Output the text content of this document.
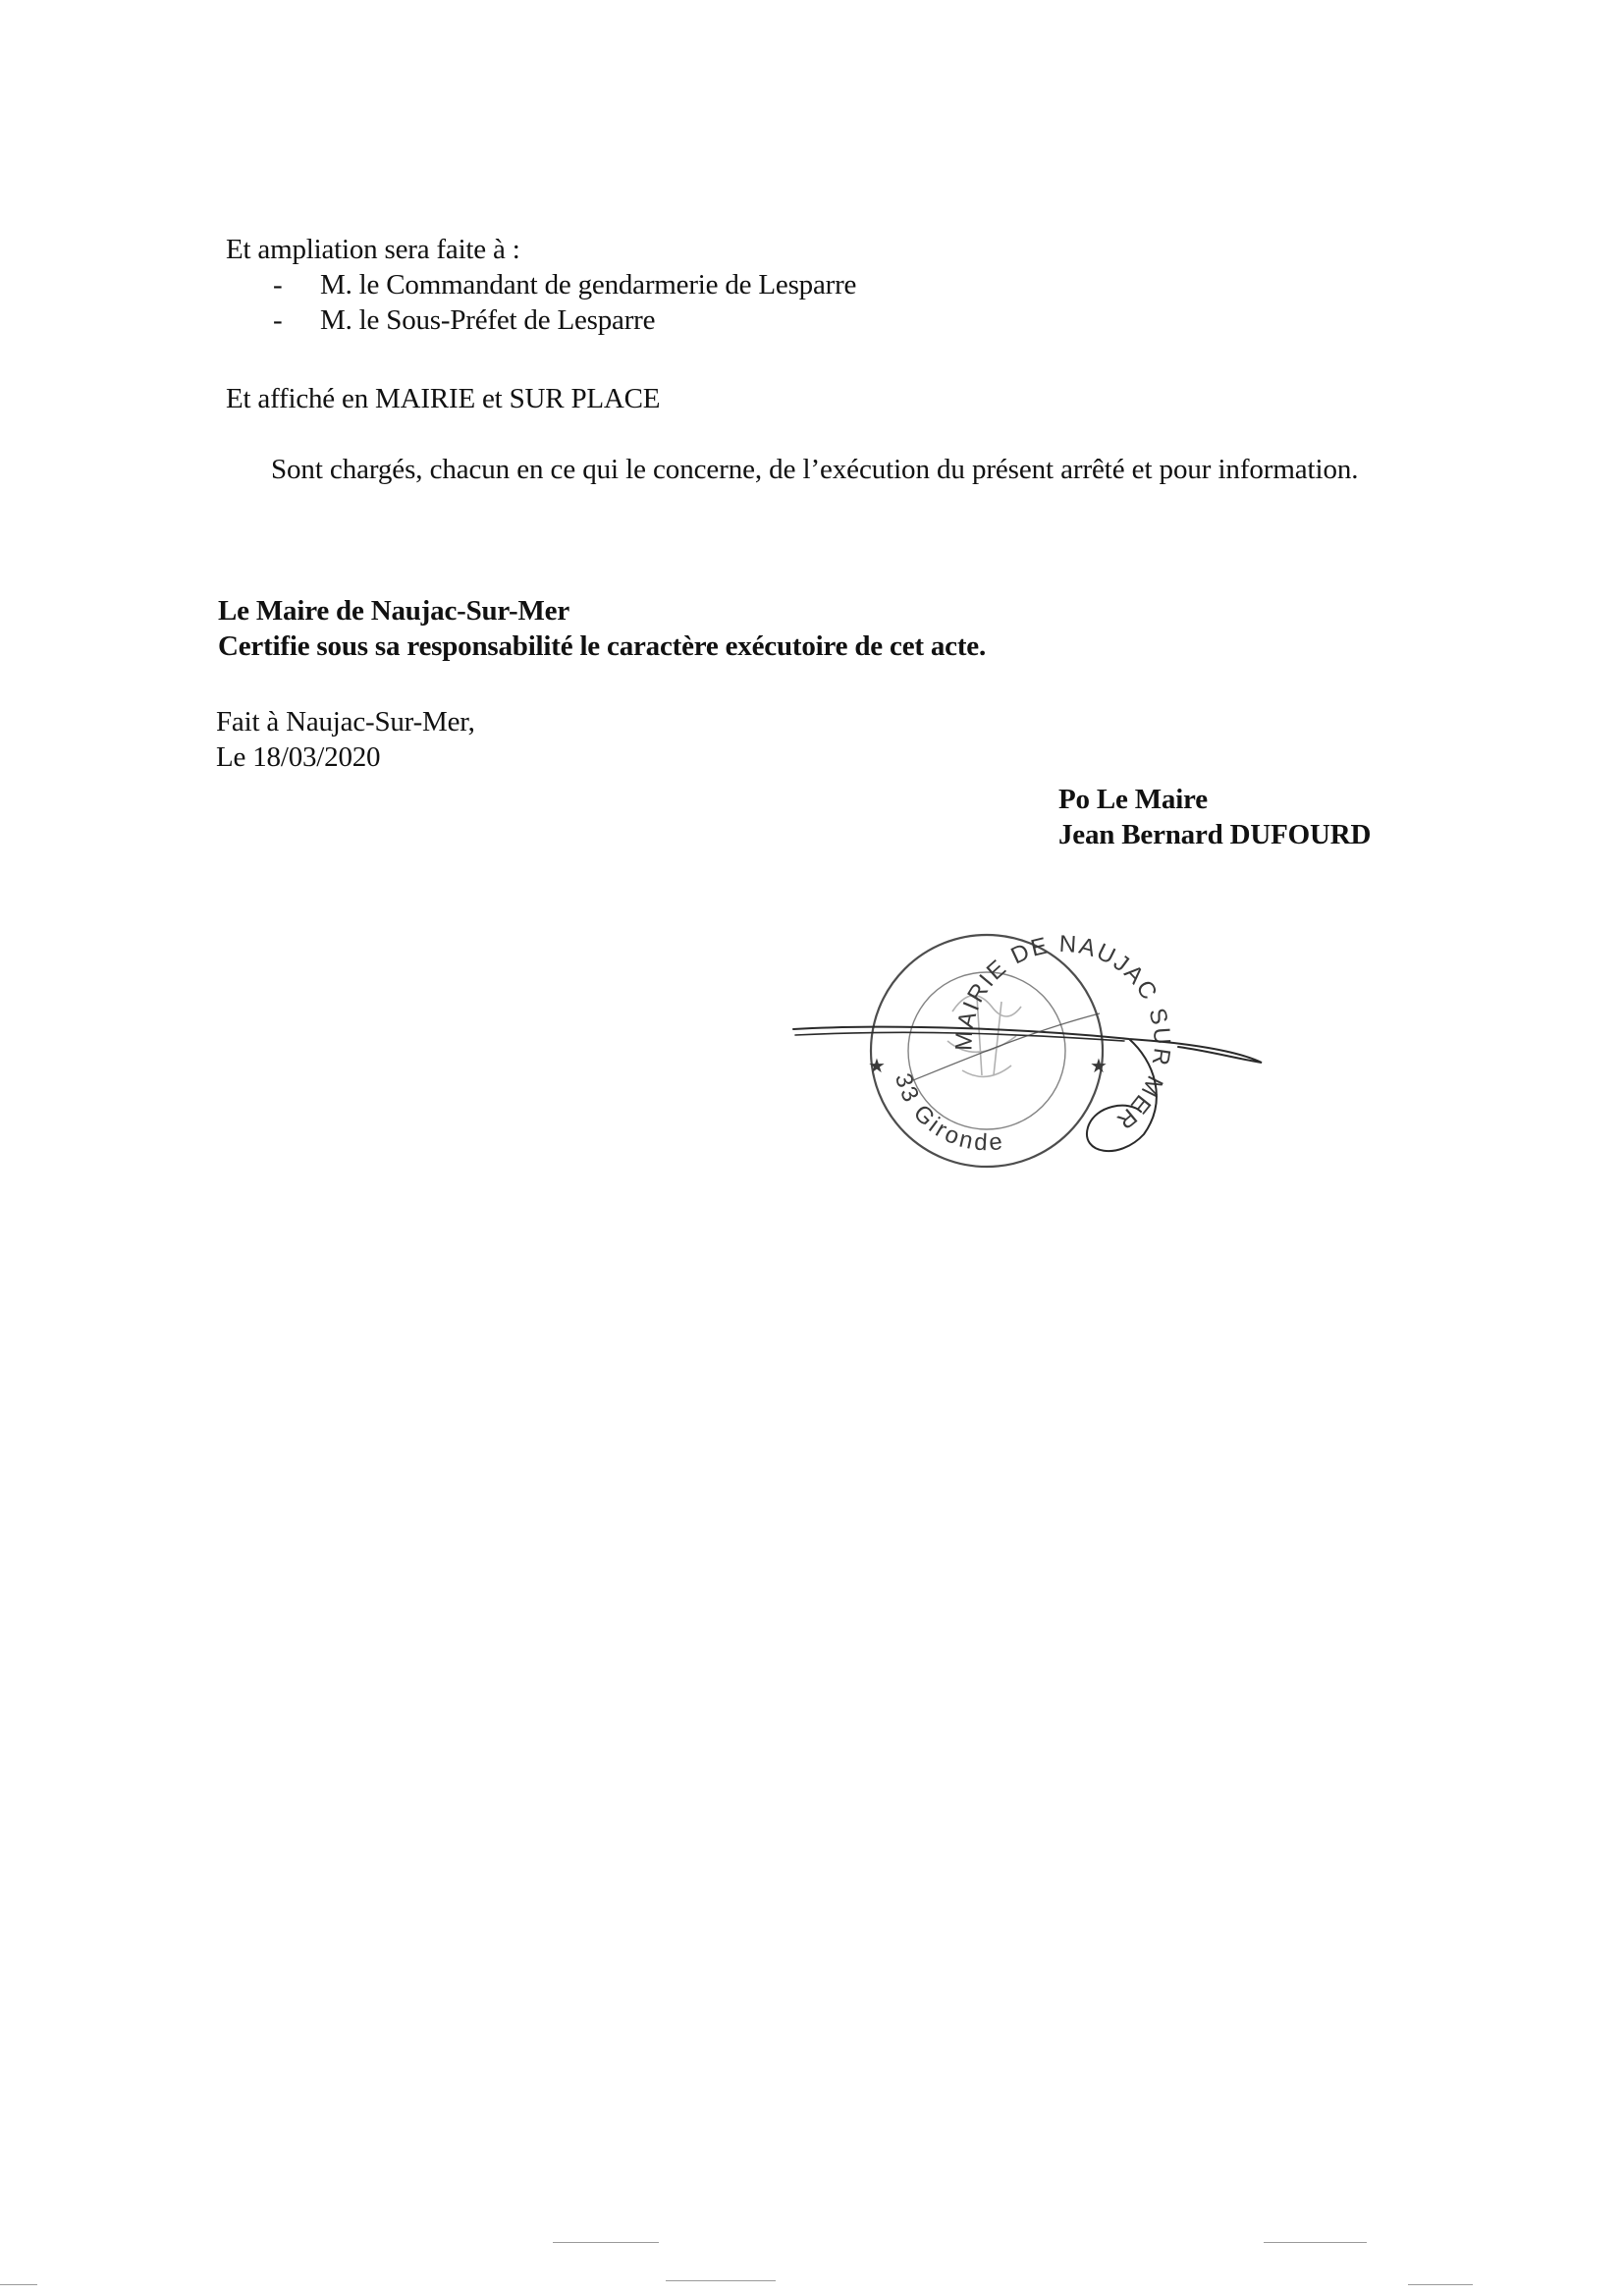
Et ampliation sera faite à :
- M. le Commandant de gendarmerie de Lesparre
- M. le Sous-Préfet de Lesparre
Et affiché en MAIRIE et SUR PLACE
Sont chargés, chacun en ce qui le concerne, de l’exécution du présent arrêté et pour information.
Le Maire de Naujac-Sur-Mer
Certifie sous sa responsabilité le caractère exécutoire de cet acte.
Fait à Naujac-Sur-Mer,
Le 18/03/2020
Po Le Maire
Jean Bernard DUFOURD
MAIRIE DE NAUJAC SUR MER
33 Gironde
★	★
